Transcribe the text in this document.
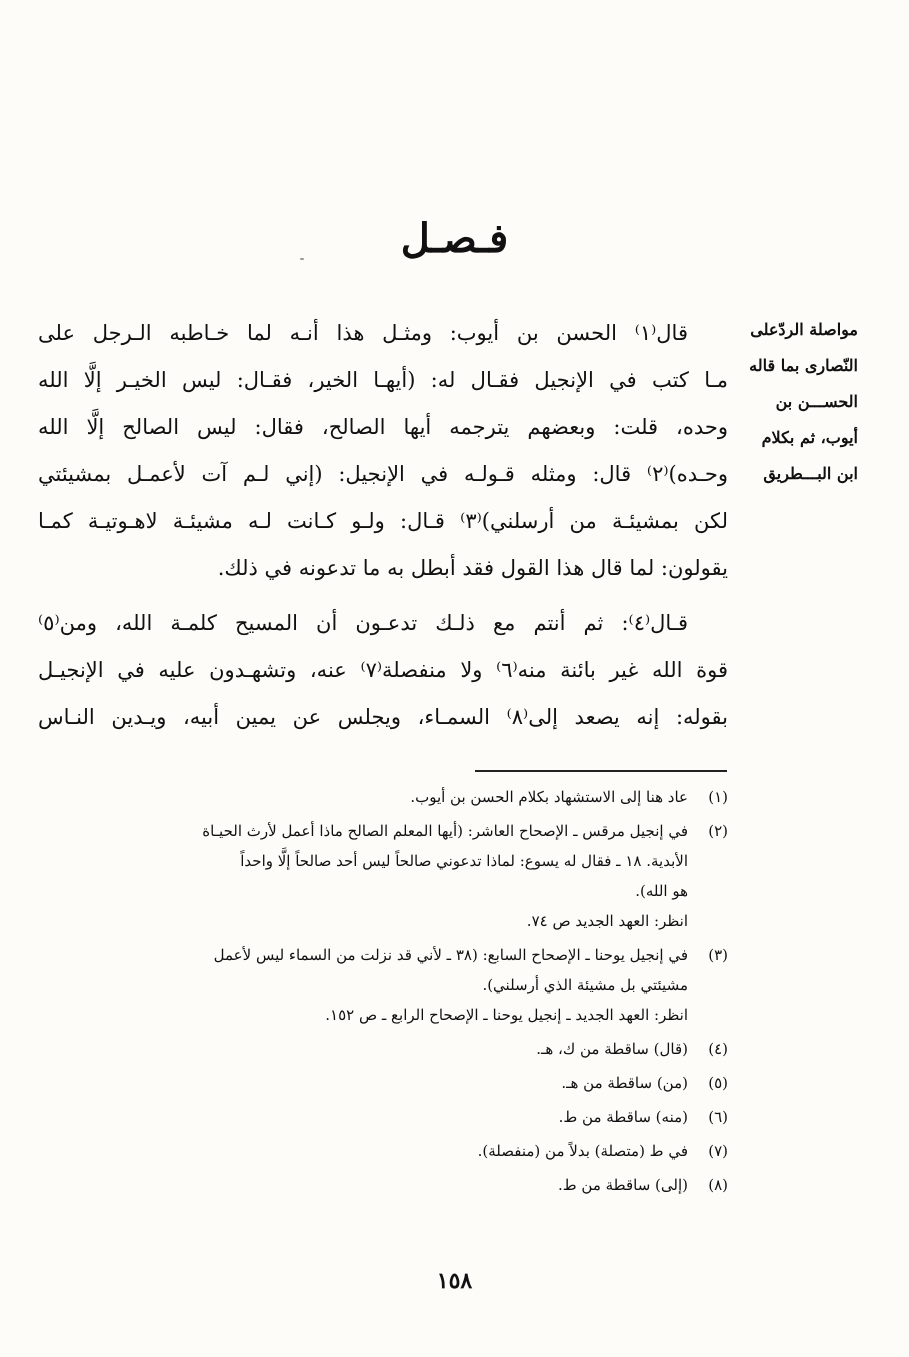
فـصـل
مواصلة الردّعلى
النّصارى بما قاله
الحســـن بن
أيوب، ثم بكلام
ابن البـــطريق
قال⁽١⁾ الحسن بن أيوب: ومثـل هذا أنـه لما خـاطبه الـرجل على
مـا كتب في الإنجيل فقـال له: (أيهـا الخير، فقـال: ليس الخيـر إلَّا الله
وحده، قلت: وبعضهم يترجمه أيها الصالح، فقال: ليس الصالح إلَّا الله
وحـده)⁽٢⁾ قال: ومثله قـولـه في الإنجيل: (إني لـم آت لأعمـل بمشيئتي
لكن بمشيئـة من أرسلني)⁽٣⁾ قـال: ولـو كـانت لـه مشيئـة لاهـوتيـة كمـا
يقولون: لما قال هذا القول فقد أبطل به ما تدعونه في ذلك.
قـال⁽٤⁾: ثم أنتم مع ذلـك تدعـون أن المسيح كلمـة الله، ومن⁽٥⁾
قوة الله غير بائنة منه⁽٦⁾ ولا منفصلة⁽٧⁾ عنه، وتشهـدون عليه في الإنجيـل
بقوله: إنه يصعد إلى⁽٨⁾ السمـاء، ويجلس عن يمين أبيه، ويـدين النـاس
(١)
عاد هنا إلى الاستشهاد بكلام الحسن بن أيوب.
(٢)
في إنجيل مرقس ـ الإصحاح العاشر: (أيها المعلم الصالح ماذا أعمل لأرث الحيـاة
الأبدية. ١٨ ـ فقال له يسوع: لماذا تدعوني صالحاً ليس أحد صالحاً إلَّا واحداً
هو الله).
انظر: العهد الجديد ص ٧٤.
(٣)
في إنجيل يوحنا ـ الإصحاح السابع: (٣٨ ـ لأني قد نزلت من السماء ليس لأعمل
مشيئتي بل مشيئة الذي أرسلني).
انظر: العهد الجديد ـ إنجيل يوحنا ـ الإصحاح الرابع ـ ص ١٥٢.
(٤)
(قال) ساقطة من ك، هـ.
(٥)
(من) ساقطة من هـ.
(٦)
(منه) ساقطة من ط.
(٧)
في ط (متصلة) بدلاً من (منفصلة).
(٨)
(إلى) ساقطة من ط.
١٥٨
